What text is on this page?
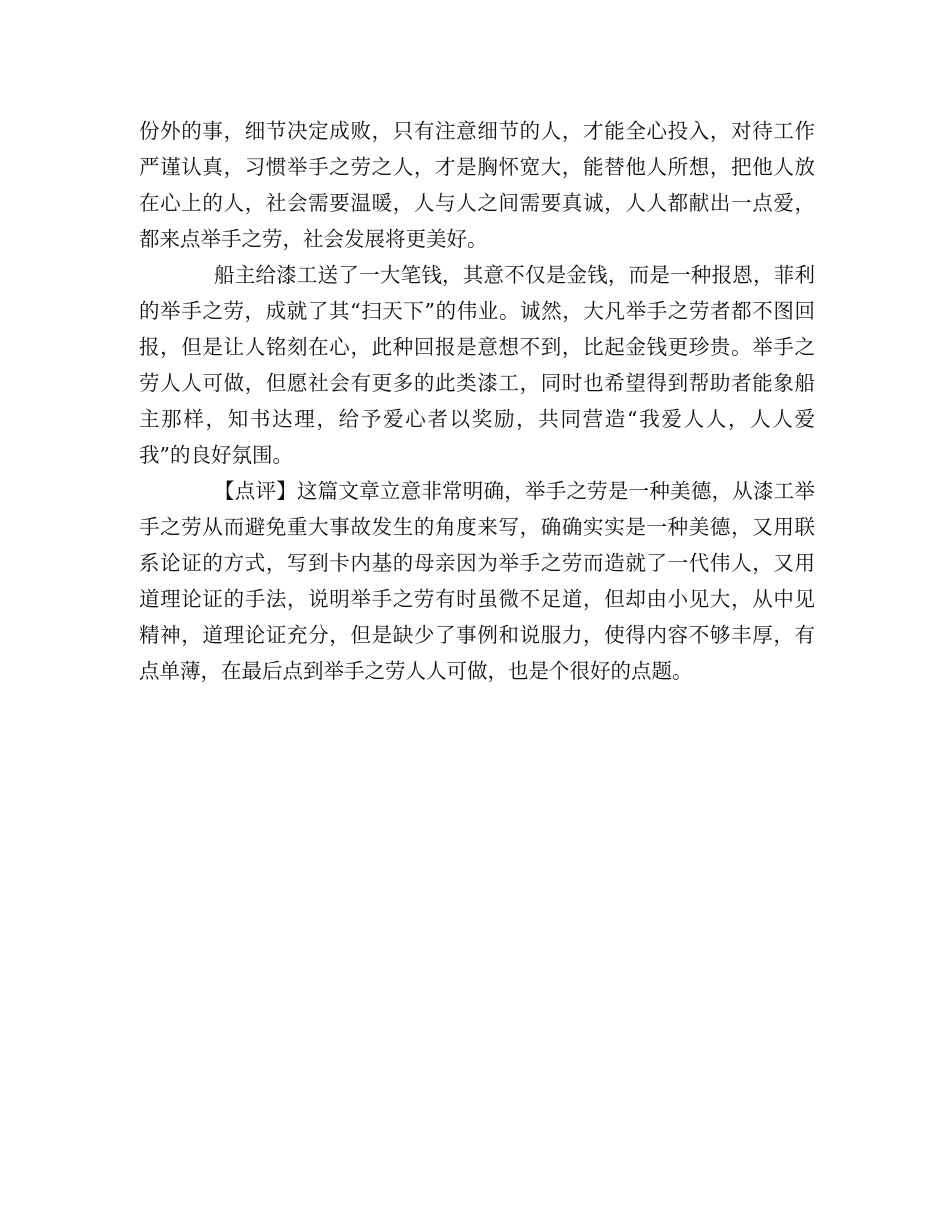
份外的事，细节决定成败，只有注意细节的人，才能全心投入，对待工作严谨认真，习惯举手之劳之人，才是胸怀宽大，能替他人所想，把他人放在心上的人，社会需要温暖，人与人之间需要真诚，人人都献出一点爱，都来点举手之劳，社会发展将更美好。

船主给漆工送了一大笔钱，其意不仅是金钱，而是一种报恩，菲利的举手之劳，成就了其“扫天下”的伟业。诚然，大凡举手之劳者都不图回报，但是让人铭刻在心，此种回报是意想不到，比起金钱更珍贵。举手之劳人人可做，但愿社会有更多的此类漆工，同时也希望得到帮助者能象船主那样，知书达理，给予爱心者以奖励，共同营造“我爱人人，人人爱我”的良好氛围。

【点评】这篇文章立意非常明确，举手之劳是一种美德，从漆工举手之劳从而避免重大事故发生的角度来写，确确实实是一种美德，又用联系论证的方式，写到卡内基的母亲因为举手之劳而造就了一代伟人，又用道理论证的手法，说明举手之劳有时虽微不足道，但却由小见大，从中见精神，道理论证充分，但是缺少了事例和说服力，使得内容不够丰厚，有点单薄，在最后点到举手之劳人人可做，也是个很好的点题。
